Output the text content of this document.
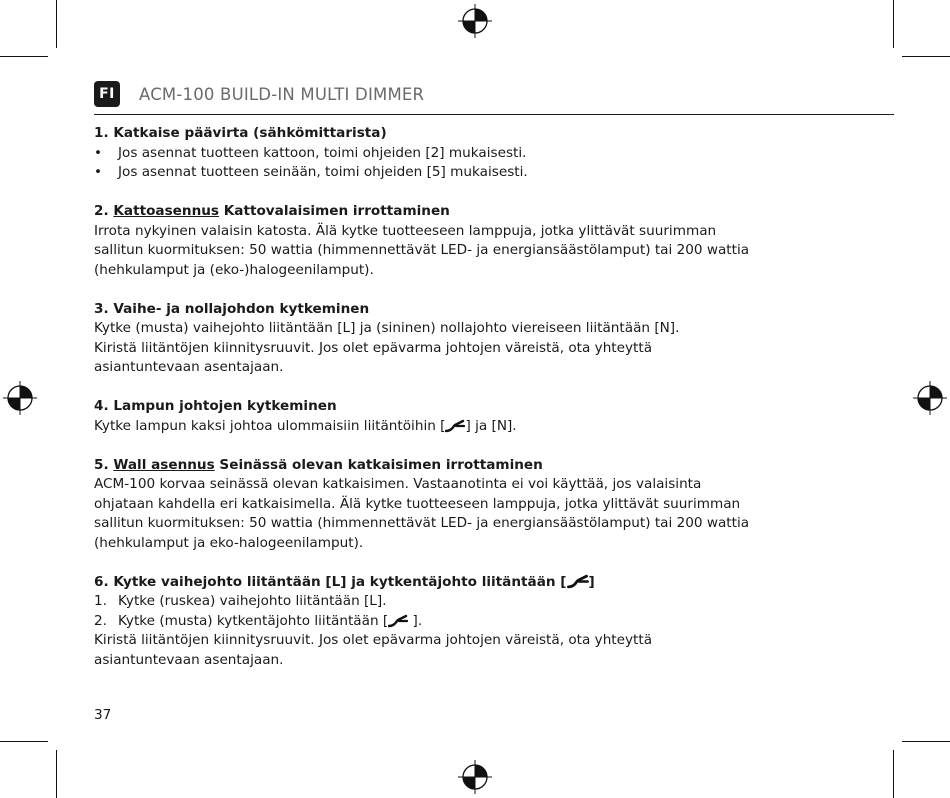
FI	ACM-100 BUILD-IN MULTI DIMMER

1. Katkaise päävirta (sähkömittarista)

•	Jos asennat tuotteen kattoon, toimi ohjeiden [2] mukaisesti.
•	Jos asennat tuotteen seinään, toimi ohjeiden [5] mukaisesti.

2. Kattoasennus Kattovalaisimen irrottaminen

Irrota nykyinen valaisin katosta. Älä kytke tuotteeseen lamppuja, jotka ylittävät suurimman

sallitun kuormituksen: 50 wattia (himmennettävät LED- ja energiansäästölamput) tai 200 wattia

(hehkulamput ja (eko-)halogeenilamput).

3. Vaihe- ja nollajohdon kytkeminen

Kytke (musta) vaihejohto liitäntään [L] ja (sininen) nollajohto viereiseen liitäntään [N].

Kiristä liitäntöjen kiinnitysruuvit. Jos olet epävarma johtojen väreistä, ota yhteyttä

asiantuntevaan asentajaan.

4. Lampun johtojen kytkeminen

Kytke lampun kaksi johtoa ulommaisiin liitäntöihin [ ] ja [N].

5. Wall asennus Seinässä olevan katkaisimen irrottaminen

ACM-100 korvaa seinässä olevan katkaisimen. Vastaanotinta ei voi käyttää, jos valaisinta

ohjataan kahdella eri katkaisimella. Älä kytke tuotteeseen lamppuja, jotka ylittävät suurimman

sallitun kuormituksen: 50 wattia (himmennettävät LED- ja energiansäästölamput) tai 200 wattia

(hehkulamput ja eko-halogeenilamput).

6. Kytke vaihejohto liitäntään [L] ja kytkentäjohto liitäntään [ ]

1. Kytke (ruskea) vaihejohto liitäntään [L].
2. Kytke (musta) kytkentäjohto liitäntään [ ].

Kiristä liitäntöjen kiinnitysruuvit. Jos olet epävarma johtojen väreistä, ota yhteyttä

asiantuntevaan asentajaan.

37
